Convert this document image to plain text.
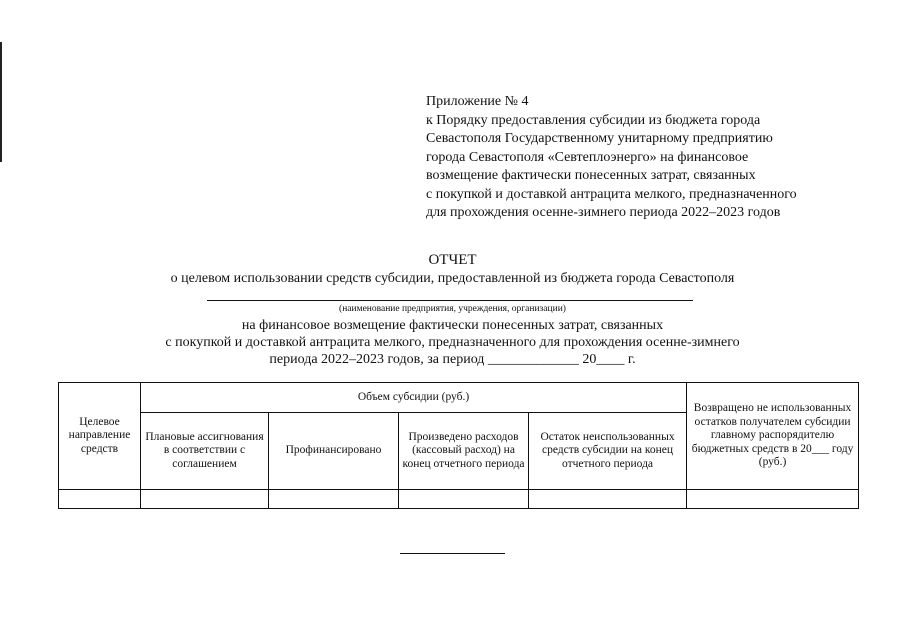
Приложение № 4
к Порядку предоставления субсидии из бюджета города
Севастополя Государственному унитарному предприятию
города Севастополя «Севтеплоэнерго» на финансовое
возмещение фактически понесенных затрат, связанных
с покупкой и доставкой антрацита мелкого, предназначенного
для прохождения осенне-зимнего периода 2022–2023 годов
ОТЧЕТ
о целевом использовании средств субсидии, предоставленной из бюджета города Севастополя
(наименование предприятия, учреждения, организации)
на финансовое возмещение фактически понесенных затрат, связанных
с покупкой и доставкой антрацита мелкого, предназначенного для прохождения осенне-зимнего
периода 2022–2023 годов, за период _____________ 20____ г.
Целевое направление средств	Объем субсидии (руб.)				Возвращено не использованных остатков получателем субсидии главному распорядителю бюджетных средств в 20___ году (руб.)
	Плановые ассигнования в соответствии с соглашением	Профинансировано	Произведено расходов (кассовый расход) на конец отчетного периода	Остаток неиспользованных средств субсидии на конец отчетного периода	
